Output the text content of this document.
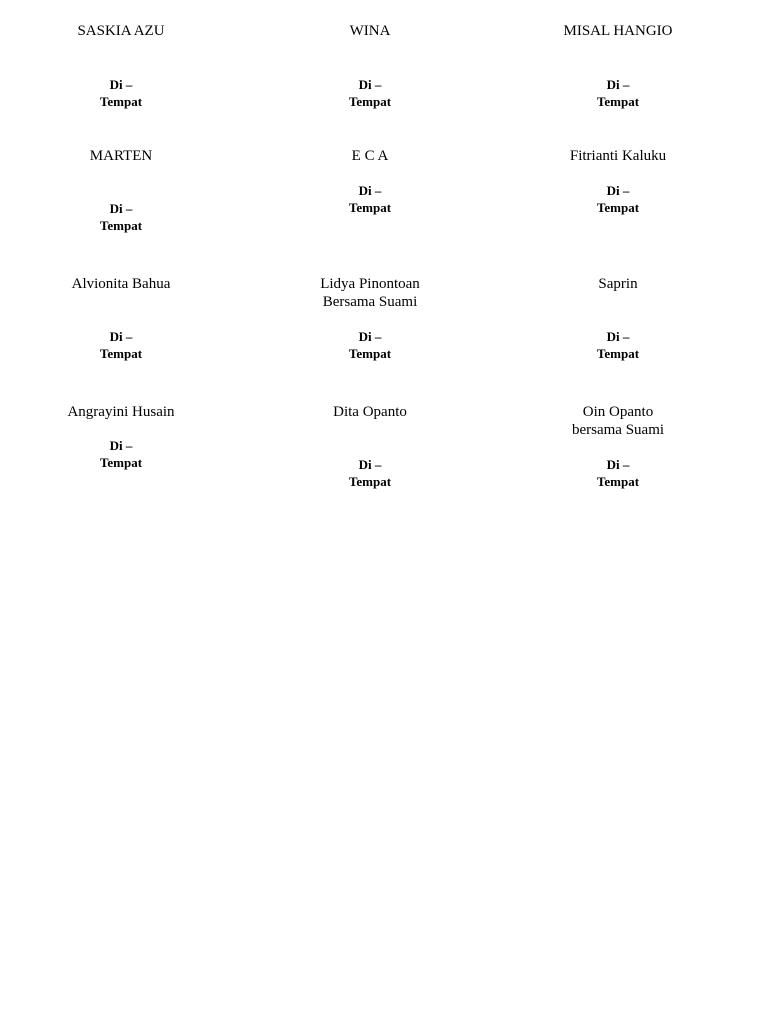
SASKIA AZU
Di –
Tempat
WINA
Di –
Tempat
MISAL HANGIO
Di –
Tempat
MARTEN
Di –
Tempat
E C A
Di –
Tempat
Fitrianti Kaluku
Di –
Tempat
Alvionita Bahua
Di –
Tempat
Lidya Pinontoan
Bersama Suami
Di –
Tempat
Saprin
Di –
Tempat
Angrayini Husain
Di –
Tempat
Dita Opanto
Di –
Tempat
Oin Opanto
bersama Suami
Di –
Tempat
